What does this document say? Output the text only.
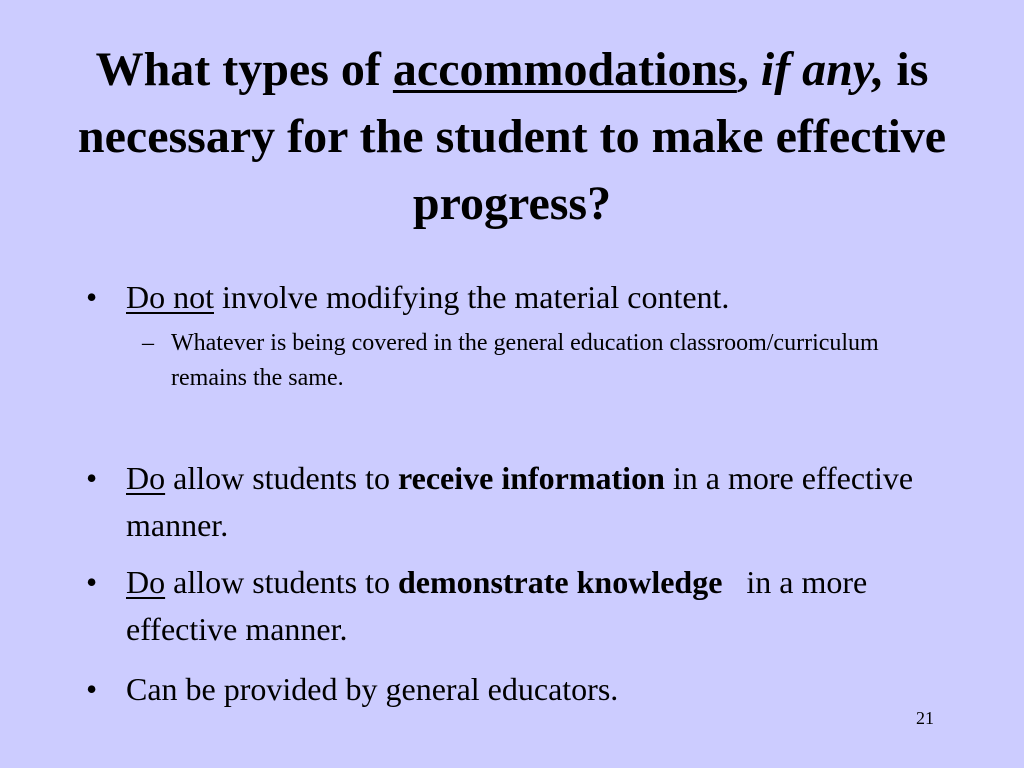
What types of accommodations, if any, is necessary for the student to make effective progress?
• Do not involve modifying the material content.
– Whatever is being covered in the general education classroom/curriculum remains the same.
• Do allow students to receive information in a more effective manner.
• Do allow students to demonstrate knowledge   in a more effective manner.
• Can be provided by general educators.
21
